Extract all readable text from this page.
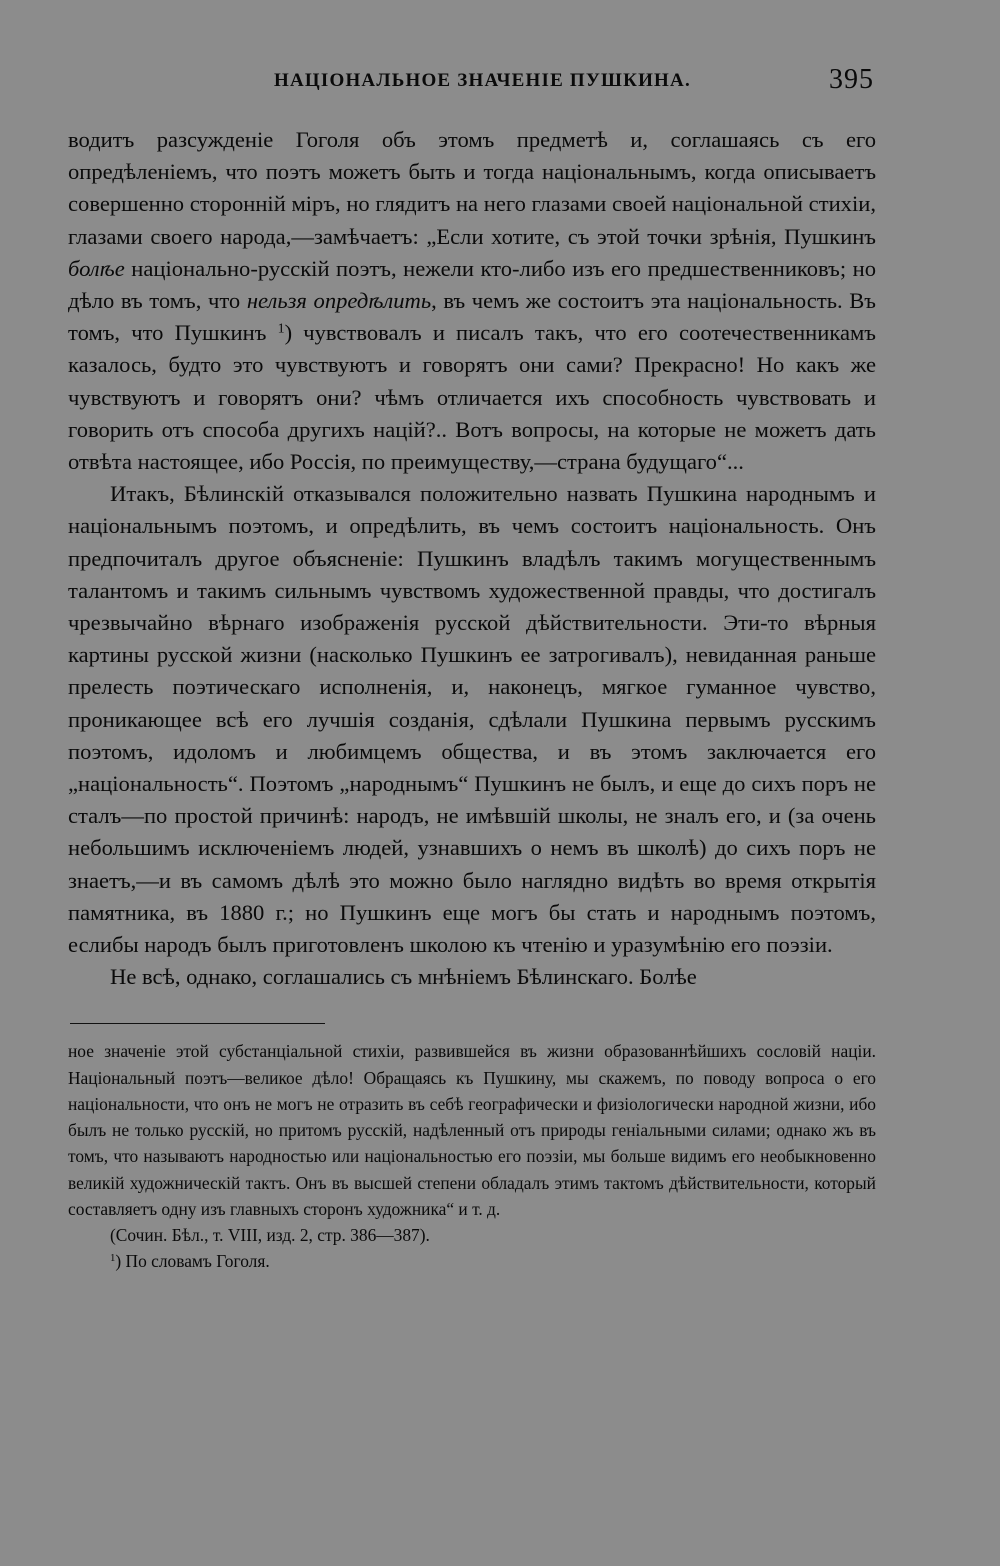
НАЦІОНАЛЬНОЕ ЗНАЧЕНІЕ ПУШКИНА.	395

водитъ разсужденіе Гоголя объ этомъ предметѣ и, соглашаясь съ его опредѣленіемъ, что поэтъ можетъ быть и тогда національнымъ, когда описываетъ совершенно сторонній міръ, но глядитъ на него глазами своей національной стихіи, глазами своего народа,—замѣчаетъ: „Если хотите, съ этой точки зрѣнія, Пушкинъ болѣе національно-русскій поэтъ, нежели кто-либо изъ его предшественниковъ; но дѣло въ томъ, что нельзя опредѣлить, въ чемъ же состоитъ эта національность. Въ томъ, что Пушкинъ $^1$) чувствовалъ и писалъ такъ, что его соотечественникамъ казалось, будто это чувствуютъ и говорятъ они сами? Прекрасно! Но какъ же чувствуютъ и говорятъ они? чѣмъ отличается ихъ способность чувствовать и говорить отъ способа другихъ націй?.. Вотъ вопросы, на которые не можетъ дать отвѣта настоящее, ибо Россія, по преимуществу,—страна будущаго“...

Итакъ, Бѣлинскій отказывался положительно назвать Пушкина народнымъ и національнымъ поэтомъ, и опредѣлить, въ чемъ состоитъ національность. Онъ предпочиталъ другое объясненіе: Пушкинъ владѣлъ такимъ могущественнымъ талантомъ и такимъ сильнымъ чувствомъ художественной правды, что достигалъ чрезвычайно вѣрнаго изображенія русской дѣйствительности. Эти-то вѣрныя картины русской жизни (насколько Пушкинъ ее затрогивалъ), невиданная раньше прелесть поэтическаго исполненія, и, наконецъ, мягкое гуманное чувство, проникающее всѣ его лучшія созданія, сдѣлали Пушкина первымъ русскимъ поэтомъ, идоломъ и любимцемъ общества, и въ этомъ заключается его „національность“. Поэтомъ „народнымъ“ Пушкинъ не былъ, и еще до сихъ поръ не сталъ—по простой причинѣ: народъ, не имѣвшій школы, не зналъ его, и (за очень небольшимъ исключеніемъ людей, узнавшихъ о немъ въ школѣ) до сихъ поръ не знаетъ,—и въ самомъ дѣлѣ это можно было наглядно видѣть во время открытія памятника, въ 1880 г.; но Пушкинъ еще могъ бы стать и народнымъ поэтомъ, еслибы народъ былъ приготовленъ школою къ чтенію и уразумѣнію его поэзіи.

Не всѣ, однако, соглашались съ мнѣніемъ Бѣлинскаго. Болѣе

ное значеніе этой субстанціальной стихіи, развившейся въ жизни образованнѣйшихъ сословій націи. Національный поэтъ—великое дѣло! Обращаясь къ Пушкину, мы скажемъ, по поводу вопроса о его національности, что онъ не могъ не отразить въ себѣ географически и физіологически народной жизни, ибо былъ не только русскій, но притомъ русскій, надѣленный отъ природы геніальными силами; однако жъ въ томъ, что называютъ народностью или національностью его поэзіи, мы больше видимъ его необыкновенно великій художническій тактъ. Онъ въ высшей степени обладалъ этимъ тактомъ дѣйствительности, который составляетъ одну изъ главныхъ сторонъ художника“ и т. д.

(Сочин. Бѣл., т. VIII, изд. 2, стр. 386—387).

$^1$) По словамъ Гоголя.
